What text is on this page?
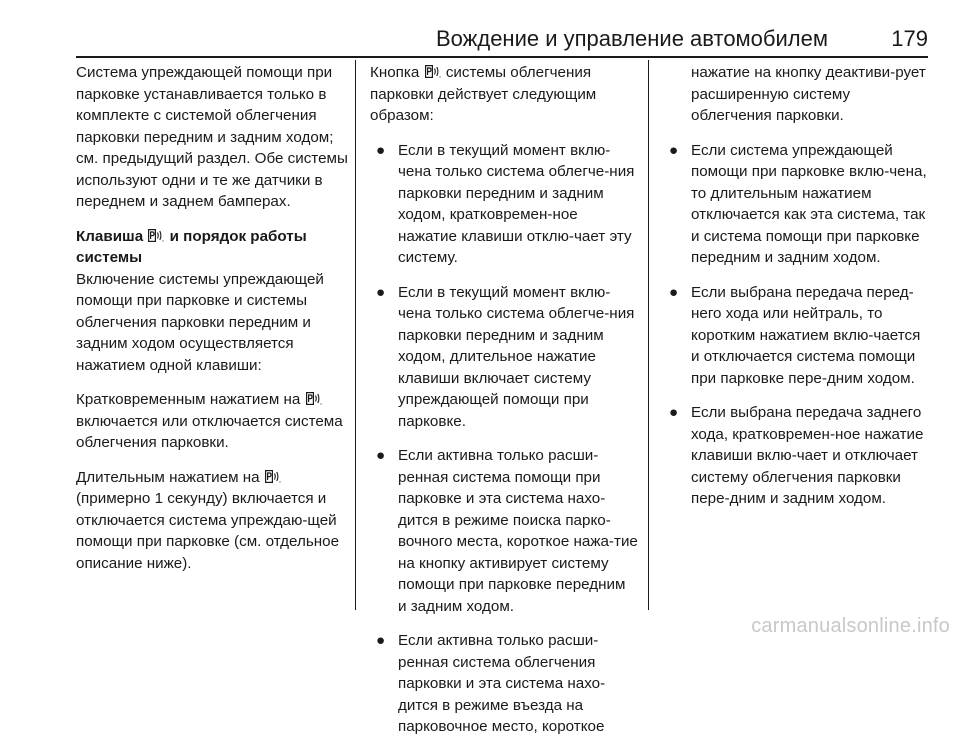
Вождение и управление автомобилем	179

Система упреждающей помощи при парковке устанавливается только в комплекте с системой облегчения парковки передним и задним ходом; см. предыдущий раздел. Обе системы используют одни и те же датчики в переднем и заднем бамперах.

Клавиша и порядок работы системы

Включение системы упреждающей помощи при парковке и системы облегчения парковки передним и задним ходом осуществляется нажатием одной клавиши:

Кратковременным нажатием на  включается или отключается система облегчения парковки.

Длительным нажатием на  (примерно 1 секунду) включается и отключается система упреждаю-щей помощи при парковке (см. отдельное описание ниже).

Кнопка системы облегчения парковки действует следующим образом:

● Если в текущий момент вклю-чена только система облегче-ния парковки передним и задним ходом, кратковремен-ное нажатие клавиши отклю-чает эту систему.
● Если в текущий момент вклю-чена только система облегче-ния парковки передним и задним ходом, длительное нажатие клавиши включает систему упреждающей помощи при парковке.
● Если активна только расши-ренная система помощи при парковке и эта система нахо-дится в режиме поиска парко-вочного места, короткое нажа-тие на кнопку активирует систему помощи при парковке передним и задним ходом.
● Если активна только расши-ренная система облегчения парковки и эта система нахо-дится в режиме въезда на парковочное место, короткое

нажатие на кнопку деактиви-рует расширенную систему облегчения парковки.

● Если система упреждающей помощи при парковке вклю-чена, то длительным нажатием отключается как эта система, так и система помощи при парковке передним и задним ходом.
● Если выбрана передача перед-него хода или нейтраль, то коротким нажатием вклю-чается и отключается система помощи при парковке пере-дним ходом.
● Если выбрана передача заднего хода, кратковремен-ное нажатие клавиши вклю-чает и отключает систему облегчения парковки пере-дним и задним ходом.
carmanualsonline.info
